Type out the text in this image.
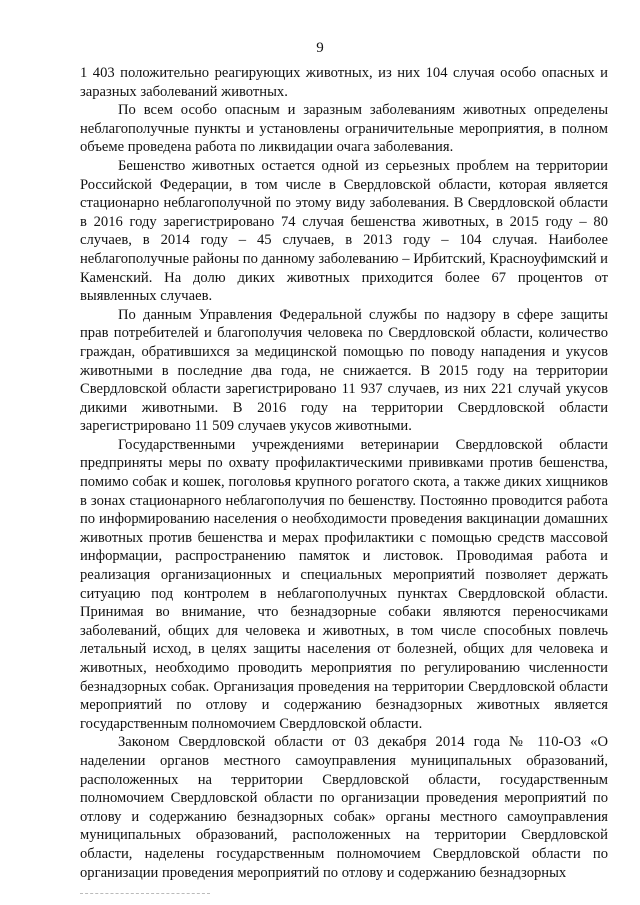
9

1 403 положительно реагирующих животных, из них 104 случая особо опасных и заразных заболеваний животных.

По всем особо опасным и заразным заболеваниям животных определены неблагополучные пункты и установлены ограничительные мероприятия, в полном объеме проведена работа по ликвидации очага заболевания.

Бешенство животных остается одной из серьезных проблем на территории Российской Федерации, в том числе в Свердловской области, которая является стационарно неблагополучной по этому виду заболевания. В Свердловской области в 2016 году зарегистрировано 74 случая бешенства животных, в 2015 году – 80 случаев, в 2014 году – 45 случаев, в 2013 году – 104 случая. Наиболее неблагополучные районы по данному заболеванию – Ирбитский, Красноуфимский и Каменский. На долю диких животных приходится более 67 процентов от выявленных случаев.

По данным Управления Федеральной службы по надзору в сфере защиты прав потребителей и благополучия человека по Свердловской области, количество граждан, обратившихся за медицинской помощью по поводу нападения и укусов животными в последние два года, не снижается. В 2015 году на территории Свердловской области зарегистрировано 11 937 случаев, из них 221 случай укусов дикими животными. В 2016 году на территории Свердловской области зарегистрировано 11 509 случаев укусов животными.

Государственными учреждениями ветеринарии Свердловской области предприняты меры по охвату профилактическими прививками против бешенства, помимо собак и кошек, поголовья крупного рогатого скота, а также диких хищников в зонах стационарного неблагополучия по бешенству. Постоянно проводится работа по информированию населения о необходимости проведения вакцинации домашних животных против бешенства и мерах профилактики с помощью средств массовой информации, распространению памяток и листовок. Проводимая работа и реализация организационных и специальных мероприятий позволяет держать ситуацию под контролем в неблагополучных пунктах Свердловской области. Принимая во внимание, что безнадзорные собаки являются переносчиками заболеваний, общих для человека и животных, в том числе способных повлечь летальный исход, в целях защиты населения от болезней, общих для человека и животных, необходимо проводить мероприятия по регулированию численности безнадзорных собак. Организация проведения на территории Свердловской области мероприятий по отлову и содержанию безнадзорных животных является государственным полномочием Свердловской области.

Законом Свердловской области от 03 декабря 2014 года № 110-ОЗ «О наделении органов местного самоуправления муниципальных образований, расположенных на территории Свердловской области, государственным полномочием Свердловской области по организации проведения мероприятий по отлову и содержанию безнадзорных собак» органы местного самоуправления муниципальных образований, расположенных на территории Свердловской области, наделены государственным полномочием Свердловской области по организации проведения мероприятий по отлову и содержанию безнадзорных
